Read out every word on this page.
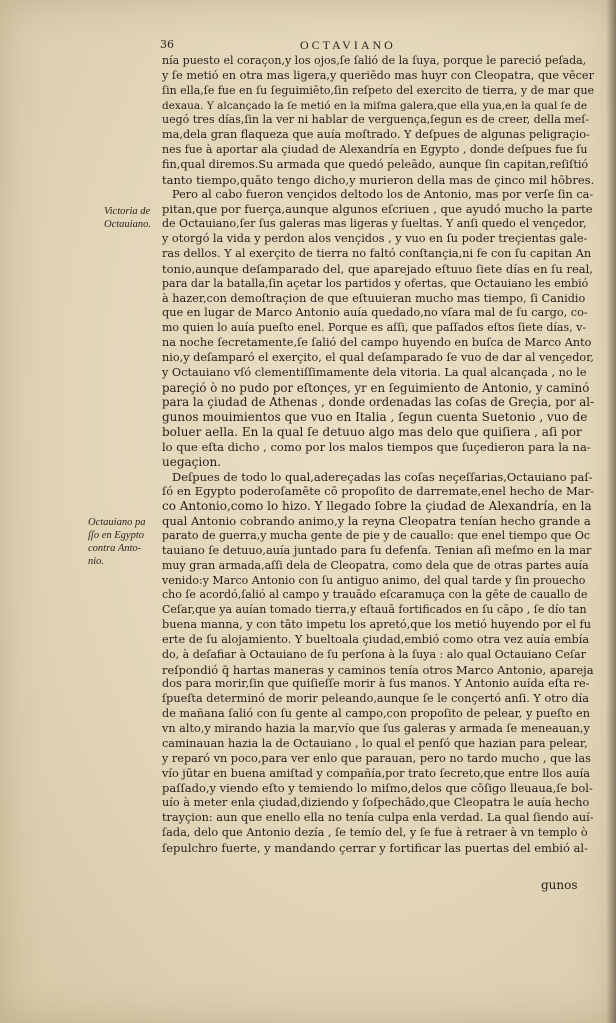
36	OCTAVIANO
Victoria de
Octauiano.
Octauiano pa
ſſo en Egypto
contra Anto-
nio.
nía puesto el coraçon,y los ojos,ſe ſalió de la ſuya, porque le pareció peſada,
y ſe metió en otra mas ligera,y queriēdo mas huyr con Cleopatra, que vēcer
ſin ella,ſe fue en ſu ſeguimiēto,ſin reſpeto del exercito de tierra, y de mar que
dexaua. Y alcançado la ſe metió en la miſma galera,que ella yua,en la qual ſe de
uegó tres días,ſin la ver ni hablar de verguença,ſegun es de creer, della meſ-
ma,dela gran flaqueza que auía moſtrado. Y deſpues de algunas peligraçio-
nes fue à aportar ala çiudad de Alexandría en Egypto , donde deſpues fue ſu
fin,qual diremos.Su armada que quedó peleādo, aunque ſin capitan,reſiſtió
tanto tiempo,quāto tengo dicho,y murieron della mas de çinco mil hōbres.
Pero al cabo fueron vençidos deltodo los de Antonio, mas por verſe ſin ca-
pitan,que por fuerça,aunque algunos eſcriuen , que ayudó mucho la parte
de Octauiano,ſer ſus galeras mas ligeras y ſueltas. Y anſi quedo el vençedor,
y otorgó la vida y perdon alos vençidos , y vuo en ſu poder treçientas gale-
ras dellos. Y al exerçito de tierra no faltó conſtançia,ni fe con ſu capitan An
tonio,aunque deſamparado del, que aparejado eſtuuo ſiete días en ſu real,
para dar la batalla,ſin açetar los partidos y ofertas, que Octauiano les embió
à hazer,con demoſtraçion de que eſtuuieran mucho mas tiempo, ſi Canidio
que en lugar de Marco Antonio auía quedado,no vſara mal de ſu cargo, co-
mo quien lo auía pueſto enel. Porque es aſſi, que paſſados eſtos ſiete días, v-
na noche ſecretamente,ſe ſalió del campo huyendo en buſca de Marco Anto
nio,y deſamparó el exerçito, el qual deſamparado ſe vuo de dar al vençedor,
y Octauiano vſó clementiſſimamente dela vitoria. La qual alcançada , no le
pareçió ò no pudo por eſtonçes, yr en ſeguimiento de Antonio, y caminó
para la çiudad de Athenas , donde ordenadas las coſas de Greçia, por al-
gunos mouimientos que vuo en Italia , ſegun cuenta Suetonio , vuo de
boluer aella. En la qual ſe detuuo algo mas delo que quiſiera , aſi por
lo que eſta dicho , como por los malos tiempos que ſuçedieron para la na-
uegaçion.
Deſpues de todo lo qual,adereçadas las coſas neçeſſarias,Octauiano paſ-
ſó en Egypto poderoſamēte cō propoſito de darremate,enel hecho de Mar-
co Antonio,como lo hizo. Y llegado ſobre la çiudad de Alexandría, en la
qual Antonio cobrando animo,y la reyna Cleopatra tenían hecho grande a
parato de guerra,y mucha gente de pie y de cauallo: que enel tiempo que Oc
tauiano ſe detuuo,auía juntado para ſu defenſa. Tenian aſi meſmo en la mar
muy gran armada,aſſi dela de Cleopatra, como dela que de otras partes auía
venido:y Marco Antonio con ſu antiguo animo, del qual tarde y ſin prouecho
cho ſe acordó,ſalió al campo y trauādo eſcaramuça con la gēte de cauallo de
Ceſar,que ya auían tomado tierra,y eſtauā fortificados en ſu cāpo , ſe dío tan
buena manna, y con tāto impetu los apretó,que los metió huyendo por el fu
erte de ſu alojamiento. Y bueltoala çiudad,embió como otra vez auía embía
do, à deſafiar à Octauiano de ſu perſona à la ſuya : alo qual Octauiano Ceſar
reſpondió q̄ hartas maneras y caminos tenía otros Marco Antonio, apareja
dos para morir,ſin que quiſieſſe morir à ſus manos. Y Antonio auída eſta re-
ſpueſta determinó de morir peleando,aunque ſe le conçertó anſi. Y otro día
de mañana ſalió con ſu gente al campo,con propoſito de pelear, y pueſto en
vn alto,y mirando hazia la mar,vío que ſus galeras y armada ſe meneauan,y
caminauan hazia la de Octauiano , lo qual el penſó que hazian para pelear,
y reparó vn poco,para ver enlo que parauan, pero no tardo mucho , que las
vío jūtar en buena amiſtad y compañía,por trato ſecreto,que entre llos auía
paſſado,y viendo eſto y temiendo lo miſmo,delos que cōſigo lleuaua,ſe bol-
uío à meter enla çiudad,diziendo y ſoſpechādo,que Cleopatra le auía hecho
trayçion: aun que enello ella no tenía culpa enla verdad. La qual ſiendo auí-
ſada, delo que Antonio dezía , ſe temío del, y ſe fue à retraer à vn templo ò
ſepulchro fuerte, y mandando çerrar y fortificar las puertas del embió al-
gunos
